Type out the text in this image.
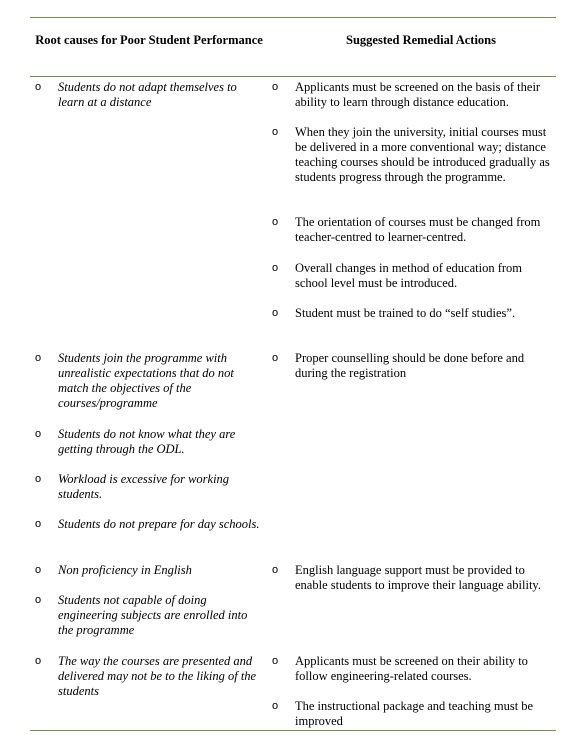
Root causes for Poor Student Performance	Suggested Remedial Actions
o Students do not adapt themselves to learn at a distance
o Students join the programme with unrealistic expectations that do not match the objectives of the courses/programme
o Students do not know what they are getting through the ODL.
o Workload is excessive for working students.
o Students do not prepare for day schools.
o Non proficiency in English
o Students not capable of doing engineering subjects are enrolled into the programme
o The way the courses are presented and delivered may not be to the liking of the students
o Applicants must be screened on the basis of their ability to learn through distance education.
o When they join the university, initial courses must be delivered in a more conventional way; distance teaching courses should be introduced gradually as students progress through the programme.
o The orientation of courses must be changed from teacher-centred to learner-centred.
o Overall changes in method of education from school level must be introduced.
o Student must be trained to do “self studies”.
o Proper counselling should be done before and during the registration
o English language support must be provided to enable students to improve their language ability.
o Applicants must be screened on their ability to follow engineering-related courses.
o The instructional package and teaching must be improved
